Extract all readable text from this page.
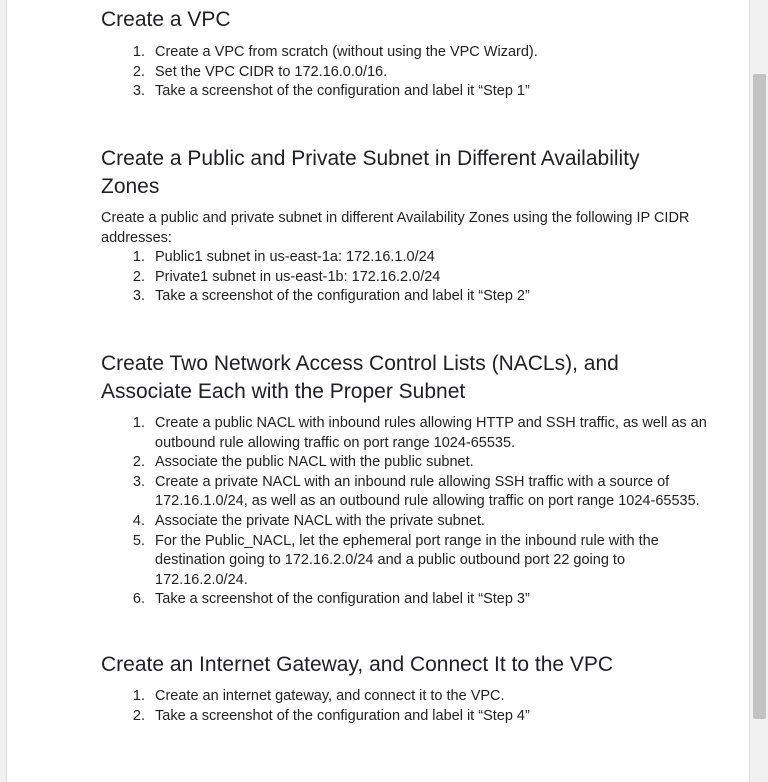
Create a VPC
1. Create a VPC from scratch (without using the VPC Wizard).
2. Set the VPC CIDR to 172.16.0.0/16.
3. Take a screenshot of the configuration and label it “Step 1”
Create a Public and Private Subnet in Different Availability Zones

Create a public and private subnet in different Availability Zones using the following IP CIDR addresses:

1. Public1 subnet in us-east-1a: 172.16.1.0/24
2. Private1 subnet in us-east-1b: 172.16.2.0/24
3. Take a screenshot of the configuration and label it “Step 2”
Create Two Network Access Control Lists (NACLs), and Associate Each with the Proper Subnet
1. Create a public NACL with inbound rules allowing HTTP and SSH traffic, as well as an outbound rule allowing traffic on port range 1024-65535.
2. Associate the public NACL with the public subnet.
3. Create a private NACL with an inbound rule allowing SSH traffic with a source of 172.16.1.0/24, as well as an outbound rule allowing traffic on port range 1024-65535.
4. Associate the private NACL with the private subnet.
5. For the Public_NACL, let the ephemeral port range in the inbound rule with the destination going to 172.16.2.0/24 and a public outbound port 22 going to 172.16.2.0/24.
6. Take a screenshot of the configuration and label it “Step 3”
Create an Internet Gateway, and Connect It to the VPC
1. Create an internet gateway, and connect it to the VPC.
2. Take a screenshot of the configuration and label it “Step 4”
